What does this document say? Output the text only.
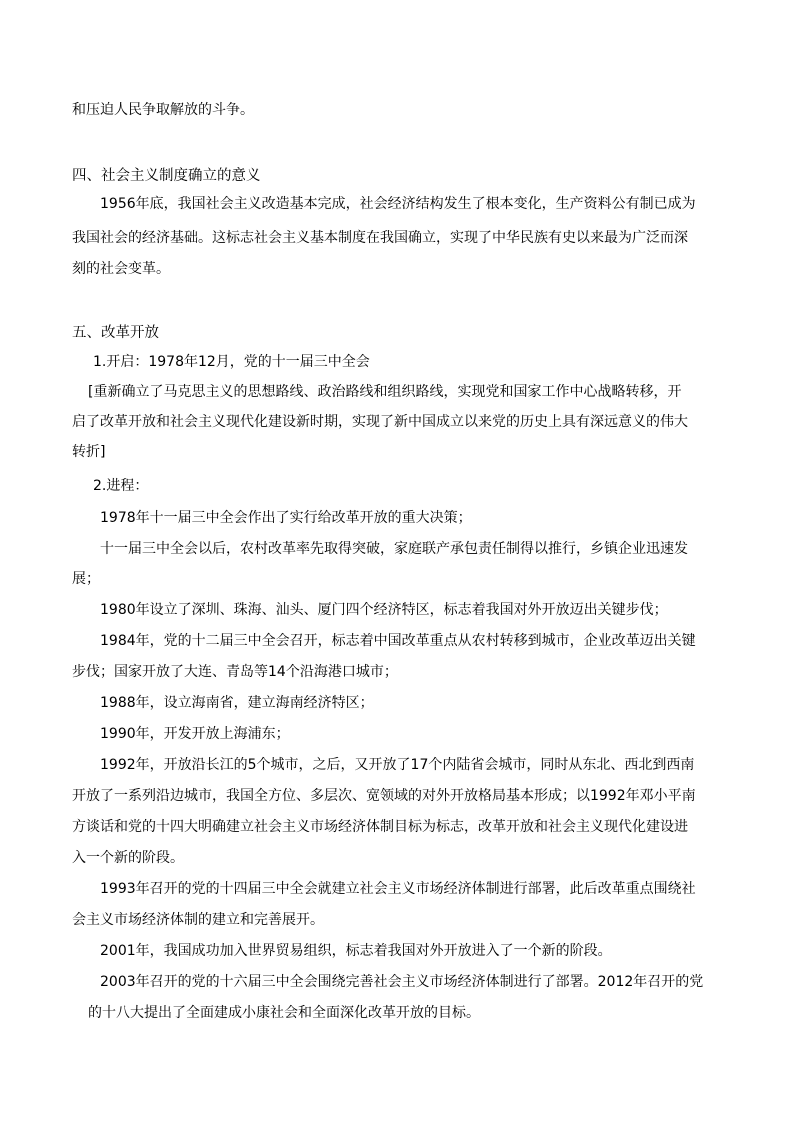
和压迫人民争取解放的斗争。
四、社会主义制度确立的意义
1956年底，我国社会主义改造基本完成，社会经济结构发生了根本变化，生产资料公有制已成为
我国社会的经济基础。这标志社会主义基本制度在我国确立，实现了中华民族有史以来最为广泛而深
刻的社会变革。
五、改革开放
1.开启：1978年12月，党的十一届三中全会
[重新确立了马克思主义的思想路线、政治路线和组织路线，实现党和国家工作中心战略转移，开
启了改革开放和社会主义现代化建设新时期，实现了新中国成立以来党的历史上具有深远意义的伟大
转折]
2.进程：
1978年十一届三中全会作出了实行给改革开放的重大决策；
十一届三中全会以后，农村改革率先取得突破，家庭联产承包责任制得以推行，乡镇企业迅速发
展；
1980年设立了深圳、珠海、汕头、厦门四个经济特区，标志着我国对外开放迈出关键步伐；
1984年，党的十二届三中全会召开，标志着中国改革重点从农村转移到城市，企业改革迈出关键
步伐；国家开放了大连、青岛等14个沿海港口城市；
1988年，设立海南省，建立海南经济特区；
1990年，开发开放上海浦东；
1992年，开放沿长江的5个城市，之后，又开放了17个内陆省会城市，同时从东北、西北到西南
开放了一系列沿边城市，我国全方位、多层次、宽领域的对外开放格局基本形成；以1992年邓小平南
方谈话和党的十四大明确建立社会主义市场经济体制目标为标志，改革开放和社会主义现代化建设进
入一个新的阶段。
1993年召开的党的十四届三中全会就建立社会主义市场经济体制进行部署，此后改革重点围绕社
会主义市场经济体制的建立和完善展开。
2001年，我国成功加入世界贸易组织，标志着我国对外开放进入了一个新的阶段。
2003年召开的党的十六届三中全会围绕完善社会主义市场经济体制进行了部署。2012年召开的党
的十八大提出了全面建成小康社会和全面深化改革开放的目标。
